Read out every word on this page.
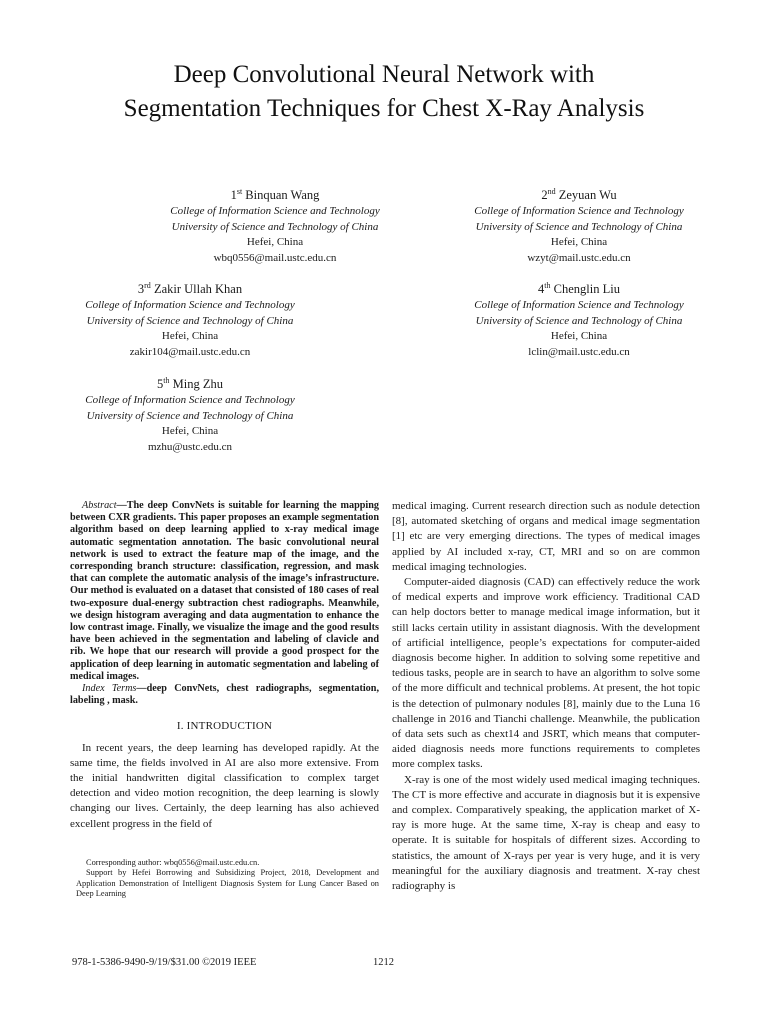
Deep Convolutional Neural Network with
Segmentation Techniques for Chest X-Ray Analysis
1st Binquan Wang
College of Information Science and Technology
University of Science and Technology of China
Hefei, China
wbq0556@mail.ustc.edu.cn
2nd Zeyuan Wu
College of Information Science and Technology
University of Science and Technology of China
Hefei, China
wzyt@mail.ustc.edu.cn
3rd Zakir Ullah Khan
College of Information Science and Technology
University of Science and Technology of China
Hefei, China
zakir104@mail.ustc.edu.cn
4th Chenglin Liu
College of Information Science and Technology
University of Science and Technology of China
Hefei, China
lclin@mail.ustc.edu.cn
5th Ming Zhu
College of Information Science and Technology
University of Science and Technology of China
Hefei, China
mzhu@ustc.edu.cn

Abstract—The deep ConvNets is suitable for learning the mapping between CXR gradients. This paper proposes an example segmentation algorithm based on deep learning applied to x-ray medical image automatic segmentation annotation. The basic convolutional neural network is used to extract the feature map of the image, and the corresponding branch structure: classification, regression, and mask that can complete the automatic analysis of the image’s infrastructure. Our method is evaluated on a dataset that consisted of 180 cases of real two-exposure dual-energy subtraction chest radiographs. Meanwhile, we design histogram averaging and data augmentation to enhance the low contrast image. Finally, we visualize the image and the good results have been achieved in the segmentation and labeling of clavicle and rib. We hope that our research will provide a good prospect for the application of deep learning in automatic segmentation and labeling of medical images.

Index Terms—deep ConvNets, chest radiographs, segmentation, labeling , mask.

I. INTRODUCTION

In recent years, the deep learning has developed rapidly. At the same time, the fields involved in AI are also more extensive. From the initial handwritten digital classification to complex target detection and video motion recognition, the deep learning is slowly changing our lives. Certainly, the deep learning has also achieved excellent progress in the field of

Corresponding author: wbq0556@mail.ustc.edu.cn.

Support by Hefei Borrowing and Subsidizing Project, 2018, Development and Application Demonstration of Intelligent Diagnosis System for Lung Cancer Based on Deep Learning

medical imaging. Current research direction such as nodule detection [8], automated sketching of organs and medical image segmentation [1] etc are very emerging directions. The types of medical images applied by AI included x-ray, CT, MRI and so on are common medical imaging technologies.

Computer-aided diagnosis (CAD) can effectively reduce the work of medical experts and improve work efficiency. Traditional CAD can help doctors better to manage medical image information, but it still lacks certain utility in assistant diagnosis. With the development of artificial intelligence, people’s expectations for computer-aided diagnosis become higher. In addition to solving some repetitive and tedious tasks, people are in search to have an algorithm to solve some of the more difficult and technical problems. At present, the hot topic is the detection of pulmonary nodules [8], mainly due to the Luna 16 challenge in 2016 and Tianchi challenge. Meanwhile, the publication of data sets such as chext14 and JSRT, which means that computer-aided diagnosis needs more functions requirements to completes more complex tasks.

X-ray is one of the most widely used medical imaging techniques. The CT is more effective and accurate in diagnosis but it is expensive and complex. Comparatively speaking, the application market of X-ray is more huge. At the same time, X-ray is cheap and easy to operate. It is suitable for hospitals of different sizes. According to statistics, the amount of X-rays per year is very huge, and it is very meaningful for the auxiliary diagnosis and treatment. X-ray chest radiography is

978-1-5386-9490-9/19/$31.00 ©2019 IEEE	1212
